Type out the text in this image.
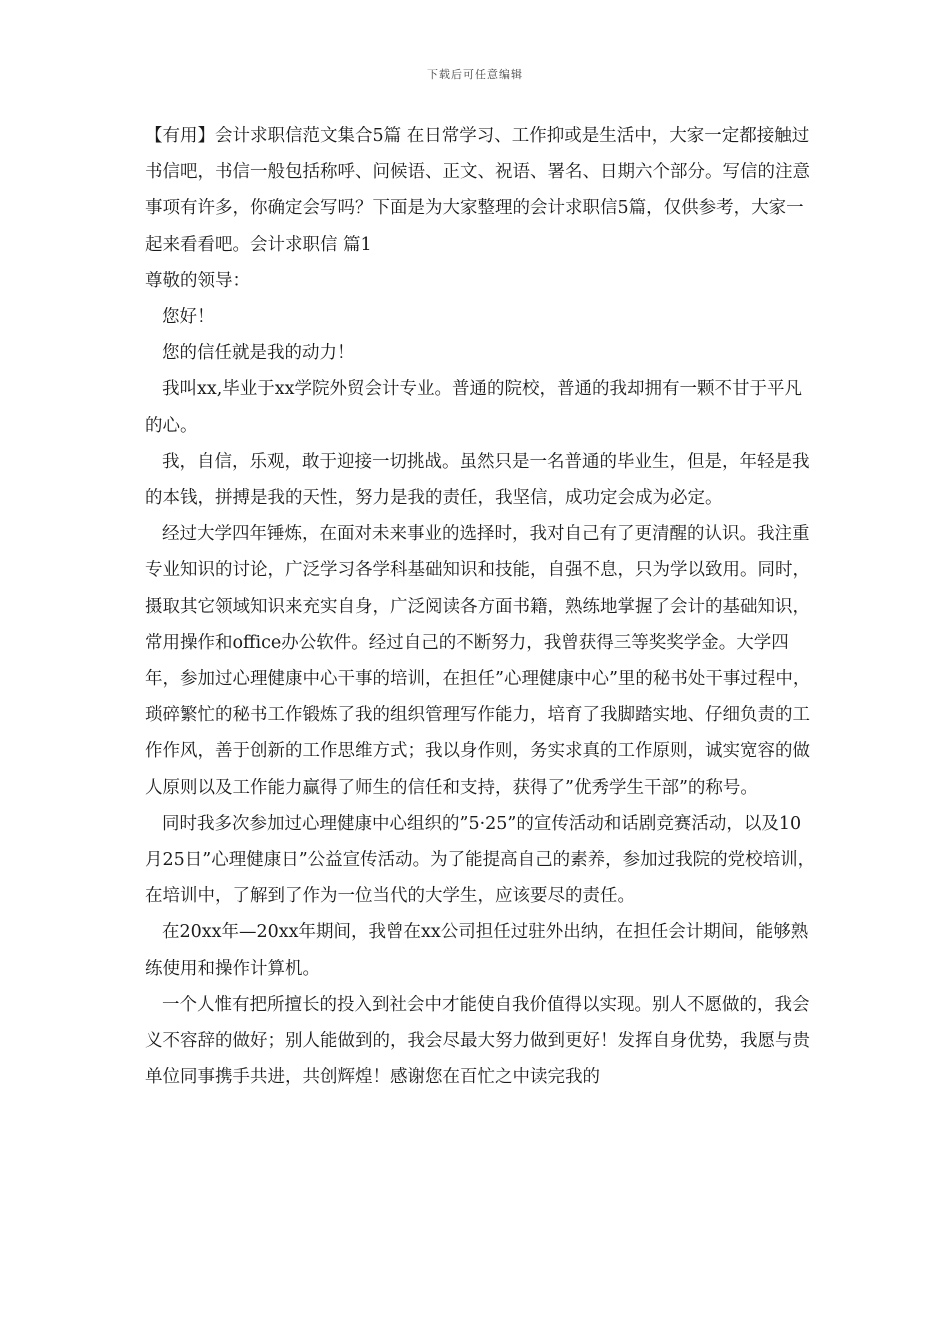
下载后可任意编辑

【有用】会计求职信范文集合5篇 在日常学习、工作抑或是生活中，大家一定都接触过书信吧，书信一般包括称呼、问候语、正文、祝语、署名、日期六个部分。写信的注意事项有许多，你确定会写吗？下面是为大家整理的会计求职信5篇，仅供参考，大家一起来看看吧。会计求职信 篇1

尊敬的领导：

您好！

您的信任就是我的动力！

我叫xx,毕业于xx学院外贸会计专业。普通的院校，普通的我却拥有一颗不甘于平凡的心。

我，自信，乐观，敢于迎接一切挑战。虽然只是一名普通的毕业生，但是，年轻是我的本钱，拼搏是我的天性，努力是我的责任，我坚信，成功定会成为必定。

经过大学四年锤炼，在面对未来事业的选择时，我对自己有了更清醒的认识。我注重专业知识的讨论，广泛学习各学科基础知识和技能，自强不息，只为学以致用。同时，摄取其它领域知识来充实自身，广泛阅读各方面书籍，熟练地掌握了会计的基础知识，常用操作和office办公软件。经过自己的不断努力，我曾获得三等奖奖学金。大学四年，参加过心理健康中心干事的培训，在担任”心理健康中心”里的秘书处干事过程中，琐碎繁忙的秘书工作锻炼了我的组织管理写作能力，培育了我脚踏实地、仔细负责的工作作风，善于创新的工作思维方式；我以身作则，务实求真的工作原则，诚实宽容的做人原则以及工作能力赢得了师生的信任和支持，获得了”优秀学生干部”的称号。

同时我多次参加过心理健康中心组织的”5·25”的宣传活动和话剧竞赛活动，以及10月25日”心理健康日”公益宣传活动。为了能提高自己的素养，参加过我院的党校培训，在培训中，了解到了作为一位当代的大学生，应该要尽的责任。

在20xx年—20xx年期间，我曾在xx公司担任过驻外出纳，在担任会计期间，能够熟练使用和操作计算机。

一个人惟有把所擅长的投入到社会中才能使自我价值得以实现。别人不愿做的，我会义不容辞的做好；别人能做到的，我会尽最大努力做到更好！发挥自身优势，我愿与贵单位同事携手共进，共创辉煌！感谢您在百忙之中读完我的
